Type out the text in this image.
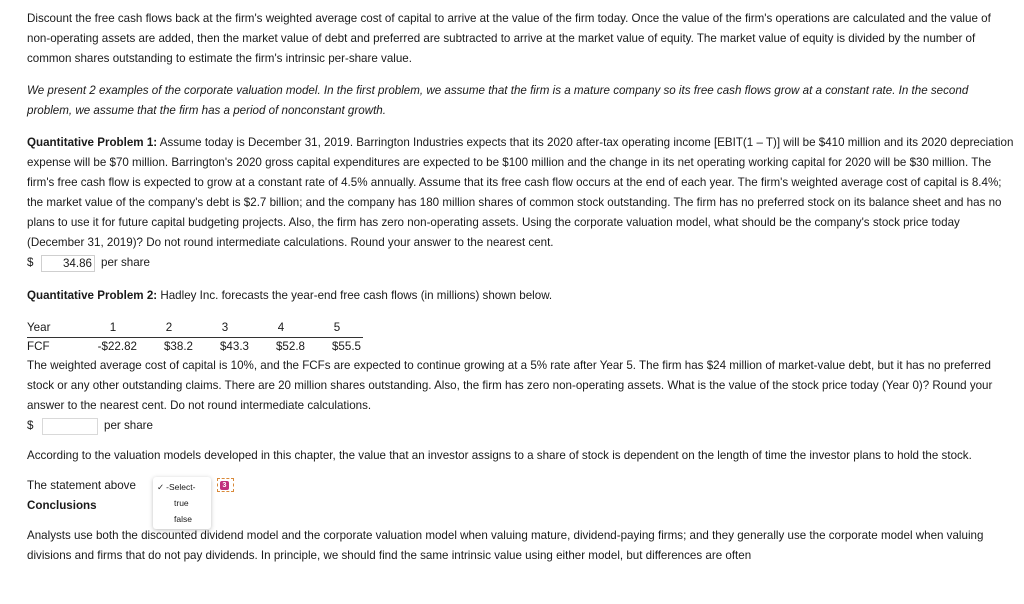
Discount the free cash flows back at the firm's weighted average cost of capital to arrive at the value of the firm today. Once the value of the firm's operations are calculated and the value of non-operating assets are added, then the market value of debt and preferred are subtracted to arrive at the market value of equity. The market value of equity is divided by the number of common shares outstanding to estimate the firm's intrinsic per-share value.

We present 2 examples of the corporate valuation model. In the first problem, we assume that the firm is a mature company so its free cash flows grow at a constant rate. In the second problem, we assume that the firm has a period of nonconstant growth.

Quantitative Problem 1: Assume today is December 31, 2019. Barrington Industries expects that its 2020 after-tax operating income [EBIT(1 – T)] will be $410 million and its 2020 depreciation expense will be $70 million. Barrington's 2020 gross capital expenditures are expected to be $100 million and the change in its net operating working capital for 2020 will be $30 million. The firm's free cash flow is expected to grow at a constant rate of 4.5% annually. Assume that its free cash flow occurs at the end of each year. The firm's weighted average cost of capital is 8.4%; the market value of the company's debt is $2.7 billion; and the company has 180 million shares of common stock outstanding. The firm has no preferred stock on its balance sheet and has no plans to use it for future capital budgeting projects. Also, the firm has zero non-operating assets. Using the corporate valuation model, what should be the company's stock price today (December 31, 2019)? Do not round intermediate calculations. Round your answer to the nearest cent.

$
34.86	per share

Quantitative Problem 2: Hadley Inc. forecasts the year-end free cash flows (in millions) shown below.

Year	1	2	3	4	5
FCF	-$22.82	$38.2	$43.3	$52.8	$55.5

The weighted average cost of capital is 10%, and the FCFs are expected to continue growing at a 5% rate after Year 5. The firm has $24 million of market-value debt, but it has no preferred stock or any other outstanding claims. There are 20 million shares outstanding. Also, the firm has zero non-operating assets. What is the value of the stock price today (Year 0)? Round your answer to the nearest cent. Do not round intermediate calculations.

$	per share

According to the valuation models developed in this chapter, the value that an investor assigns to a share of stock is dependent on the length of time the investor plans to hold the stock.

The statement above
Conclusions
✓ -Select-
true
false
3

Analysts use both the discounted dividend model and the corporate valuation model when valuing mature, dividend-paying firms; and they generally use the corporate model when valuing divisions and firms that do not pay dividends. In principle, we should find the same intrinsic value using either model, but differences are often
